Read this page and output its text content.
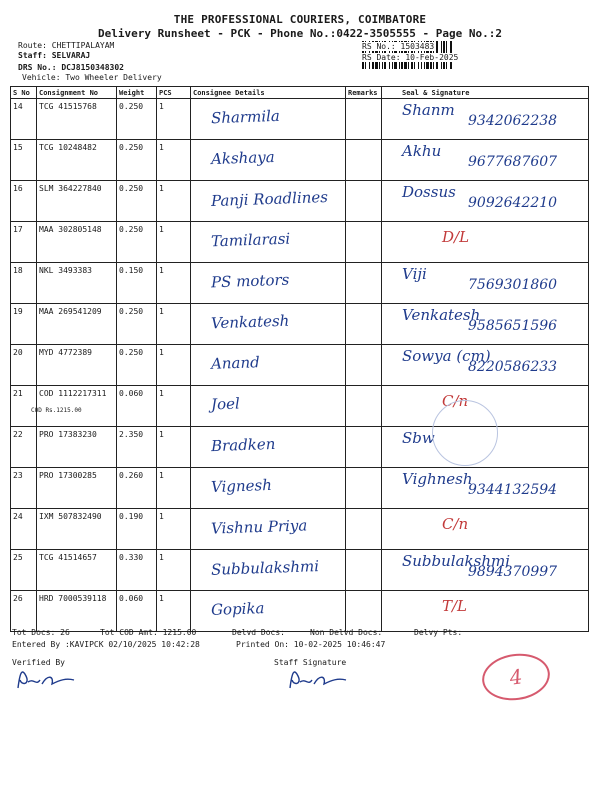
THE PROFESSIONAL COURIERS, COIMBATORE
Delivery Runsheet - PCK - Phone No.:0422-3505555 - Page No.:2
Route: CHETTIPALAYAM
Staff: SELVARAJ
DRS No.: DCJ8150348302
Vehicle: Two Wheeler Delivery
RS No.: 1503483
RS Date: 10-Feb-2025
S No	Consignment No	Weight	PCS	Consignee Details	Remarks	Seal & Signature
14	TCG 41515768	0.250	1	Sharmila		Shanm
9342062238

15	TCG 10248482	0.250	1	Akshaya		Akhu
9677687607

16	SLM 364227840	0.250	1	Panji Roadlines		Dossus
9092642210

17	MAA 302805148	0.250	1	Tamilarasi		D/L

18	NKL 3493383	0.150	1	PS motors		Viji
7569301860

19	MAA 269541209	0.250	1	Venkatesh		Venkatesh
9585651596

20	MYD 4772389	0.250	1	Anand		Sowya (cm)
8220586233

21	COD 1112217311
COD Rs.1215.00	0.060	1	Joel		C/n

22	PRO 17383230	2.350	1	Bradken		Sbw

23	PRO 17300285	0.260	1	Vignesh		Vighnesh
9344132594

24	IXM 507832490	0.190	1	Vishnu Priya		C/n

25	TCG 41514657	0.330	1	Subbulakshmi		Subbulakshmi
9894370997

26	HRD 7000539118	0.060	1	Gopika		T/L
Tot Docs: 26	Tot COD Amt: 1215.00	Delvd Docs:	Non Delvd Docs:	Delvy Pts:
Entered By :KAVIPCK 02/10/2025 10:42:28	Printed On: 10-02-2025 10:46:47
Verified By	Staff Signature
4
